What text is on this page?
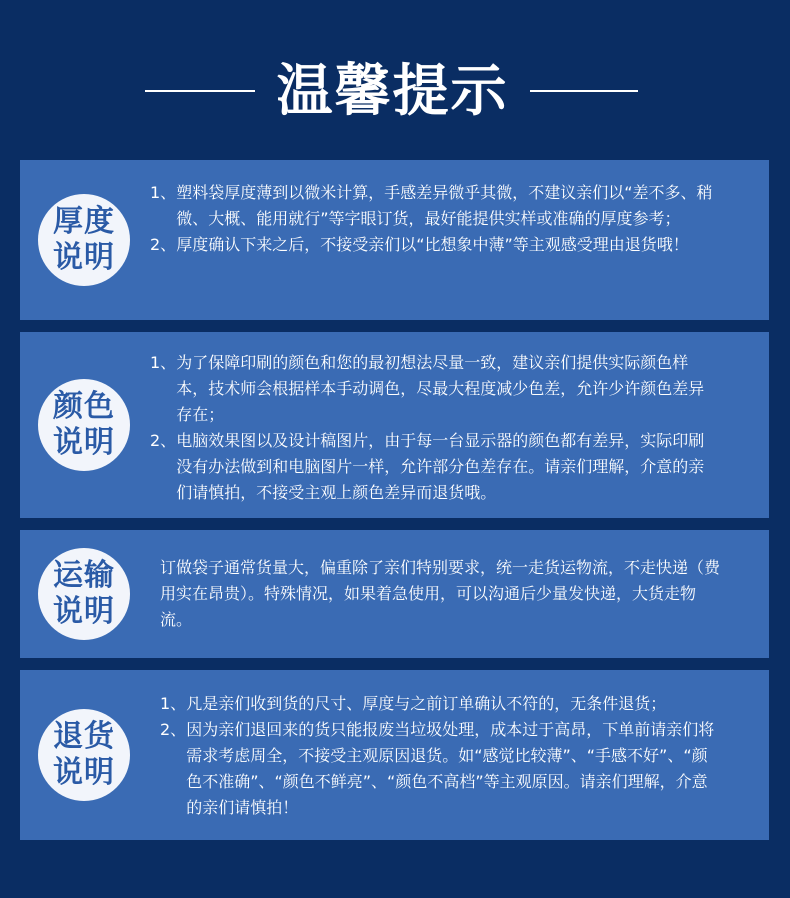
温馨提示
厚度说明
1、 塑料袋厚度薄到以微米计算，手感差异微乎其微，不建议亲们以“差不多、稍微、大概、能用就行”等字眼订货，最好能提供实样或准确的厚度参考；
2、 厚度确认下来之后，不接受亲们以“比想象中薄”等主观感受理由退货哦！
颜色说明
1、 为了保障印刷的颜色和您的最初想法尽量一致，建议亲们提供实际颜色样本，技术师会根据样本手动调色，尽最大程度减少色差，允许少许颜色差异存在；
2、 电脑效果图以及设计稿图片，由于每一台显示器的颜色都有差异，实际印刷没有办法做到和电脑图片一样，允许部分色差存在。请亲们理解，介意的亲们请慎拍，不接受主观上颜色差异而退货哦。
运输说明
订做袋子通常货量大，偏重除了亲们特别要求，统一走货运物流，不走快递（费用实在昂贵）。特殊情况，如果着急使用，可以沟通后少量发快递，大货走物流。
退货说明
1、 凡是亲们收到货的尺寸、厚度与之前订单确认不符的，无条件退货；
2、 因为亲们退回来的货只能报废当垃圾处理，成本过于高昂，下单前请亲们将需求考虑周全，不接受主观原因退货。如“感觉比较薄”、“手感不好”、“颜色不准确”、“颜色不鲜亮”、“颜色不高档”等主观原因。请亲们理解，介意的亲们请慎拍！
